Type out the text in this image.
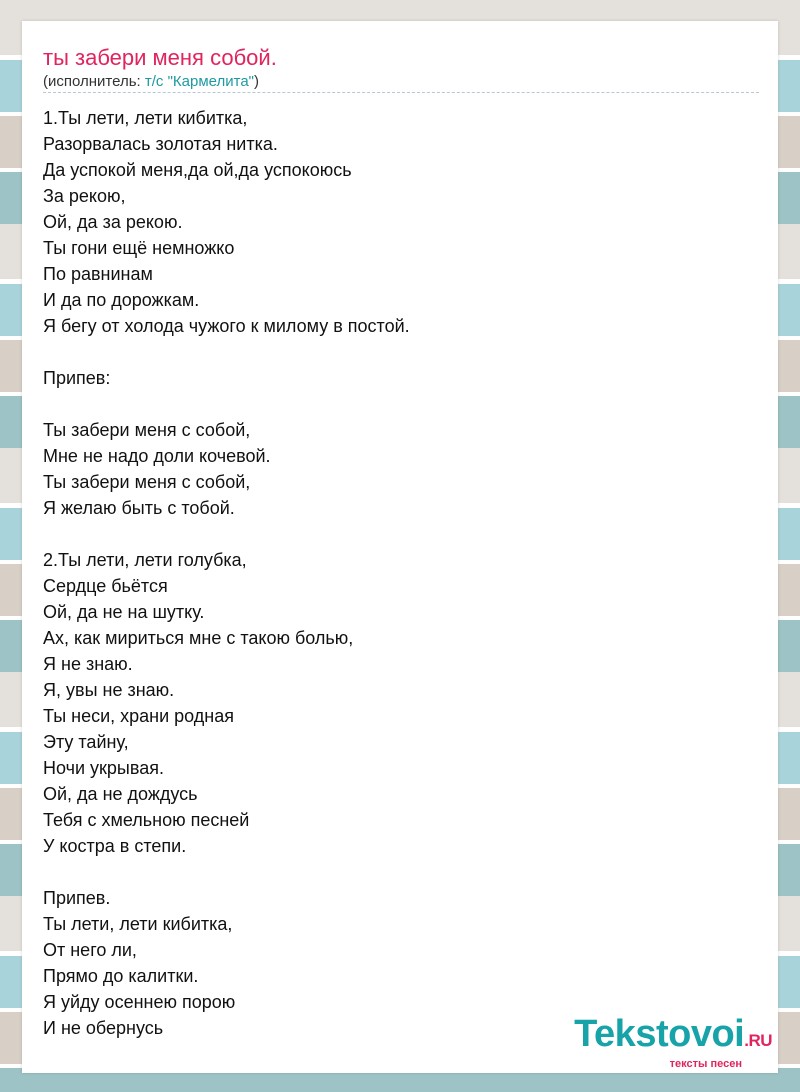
ты забери меня собой.
(исполнитель: т/с "Кармелита")
1.Ты лети, лети кибитка,
Разорвалась золотая нитка.
Да успокой меня,да ой,да успокоюсь
За рекою,
Ой, да за рекою.
Ты гони ещё немножко
По равнинам
И да по дорожкам.
Я бегу от холода чужого к милому в постой.
Припев:
Ты забери меня с собой,
Мне не надо доли кочевой.
Ты забери меня с собой,
Я желаю быть с тобой.
2.Ты лети, лети голубка,
Сердце бьётся
Ой, да не на шутку.
Ах, как мириться мне с такою болью,
Я не знаю.
Я, увы не знаю.
Ты неси, храни родная
Эту тайну,
Ночи укрывая.
Ой, да не дождусь
Тебя с хмельною песней
У костра в степи.
Припев.
Ты лети, лети кибитка,
От него ли,
Прямо до калитки.
Я уйду осеннею порою
И не обернусь	Tekstovoi.RU
тексты песен
